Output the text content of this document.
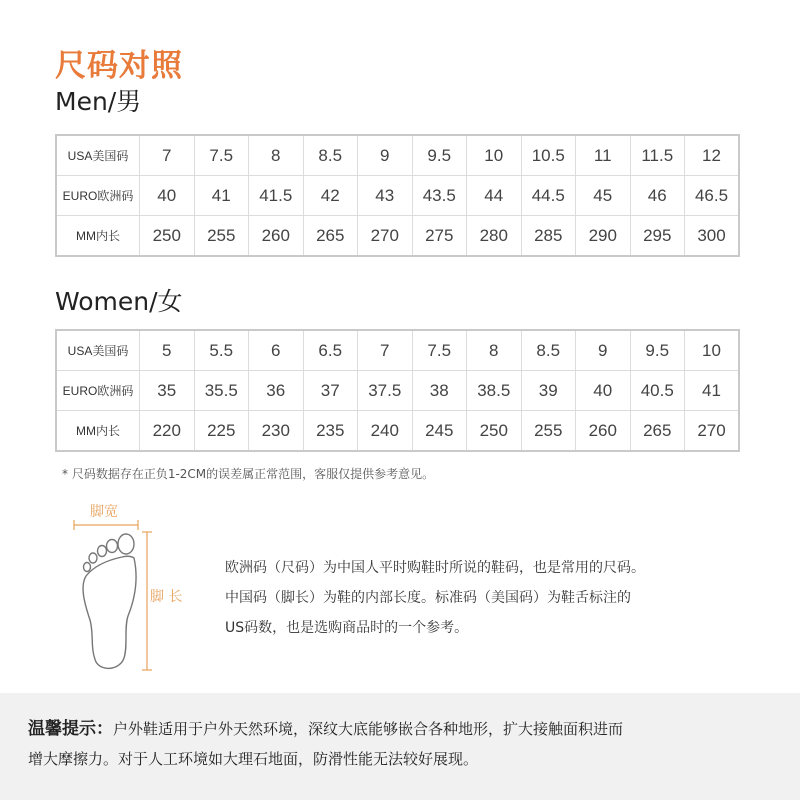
尺码对照
Men/男
USA美国码	7	7.5	8	8.5	9	9.5	10	10.5	11	11.5	12
EURO欧洲码	40	41	41.5	42	43	43.5	44	44.5	45	46	46.5
MM内长	250	255	260	265	270	275	280	285	290	295	300
Women/女
USA美国码	5	5.5	6	6.5	7	7.5	8	8.5	9	9.5	10
EURO欧洲码	35	35.5	36	37	37.5	38	38.5	39	40	40.5	41
MM内长	220	225	230	235	240	245	250	255	260	265	270
* 尺码数据存在正负1-2CM的误差属正常范围，客服仅提供参考意见。
脚宽
脚 长

欧洲码（尺码）为中国人平时购鞋时所说的鞋码，也是常用的尺码。

中国码（脚长）为鞋的内部长度。标准码（美国码）为鞋舌标注的

US码数，也是选购商品时的一个参考。

温馨提示：户外鞋适用于户外天然环境，深纹大底能够嵌合各种地形，扩大接触面积进而

增大摩擦力。对于人工环境如大理石地面，防滑性能无法较好展现。
